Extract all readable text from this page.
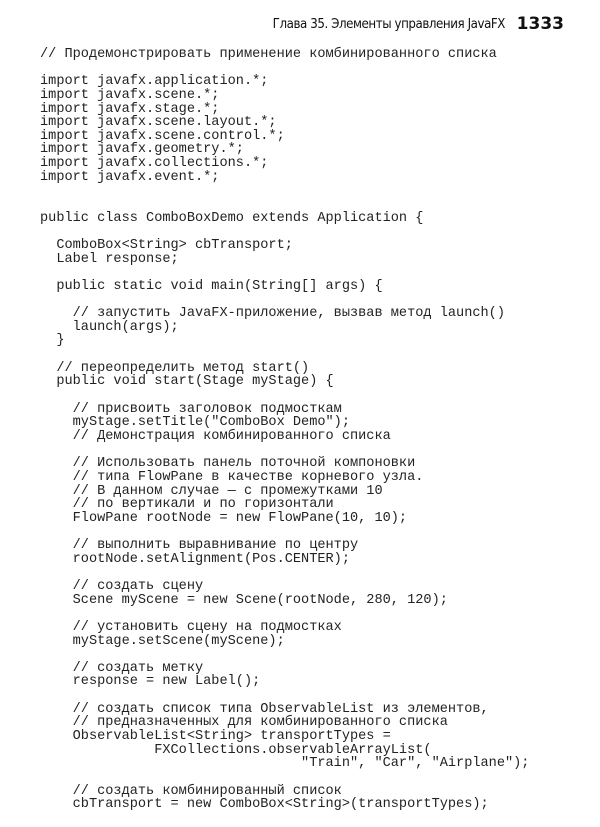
Глава 35. Элементы управления JavaFX 1333
// Продемонстрировать применение комбинированного списка

import javafx.application.*;
import javafx.scene.*;
import javafx.stage.*;
import javafx.scene.layout.*;
import javafx.scene.control.*;
import javafx.geometry.*;
import javafx.collections.*;
import javafx.event.*;

public class ComboBoxDemo extends Application {

ComboBox<String> cbTransport;
Label response;

public static void main(String[] args) {

// запустить JavaFX-приложение, вызвав метод launch()
launch(args);
}

// переопределить метод start()
public void start(Stage myStage) {

// присвоить заголовок подмосткам
myStage.setTitle("ComboBox Demo");
// Демонстрация комбинированного списка

// Использовать панель поточной компоновки
// типа FlowPane в качестве корневого узла.
// В данном случае — с промежутками 10
// по вертикали и по горизонтали
FlowPane rootNode = new FlowPane(10, 10);

// выполнить выравнивание по центру
rootNode.setAlignment(Pos.CENTER);

// создать сцену
Scene myScene = new Scene(rootNode, 280, 120);

// установить сцену на подмостках
myStage.setScene(myScene);

// создать метку
response = new Label();

// создать список типа ObservableList из элементов,
// предназначенных для комбинированного списка
ObservableList<String> transportTypes =
FXCollections.observableArrayList(
"Train", "Car", "Airplane");

// создать комбинированный список
cbTransport = new ComboBox<String>(transportTypes);
